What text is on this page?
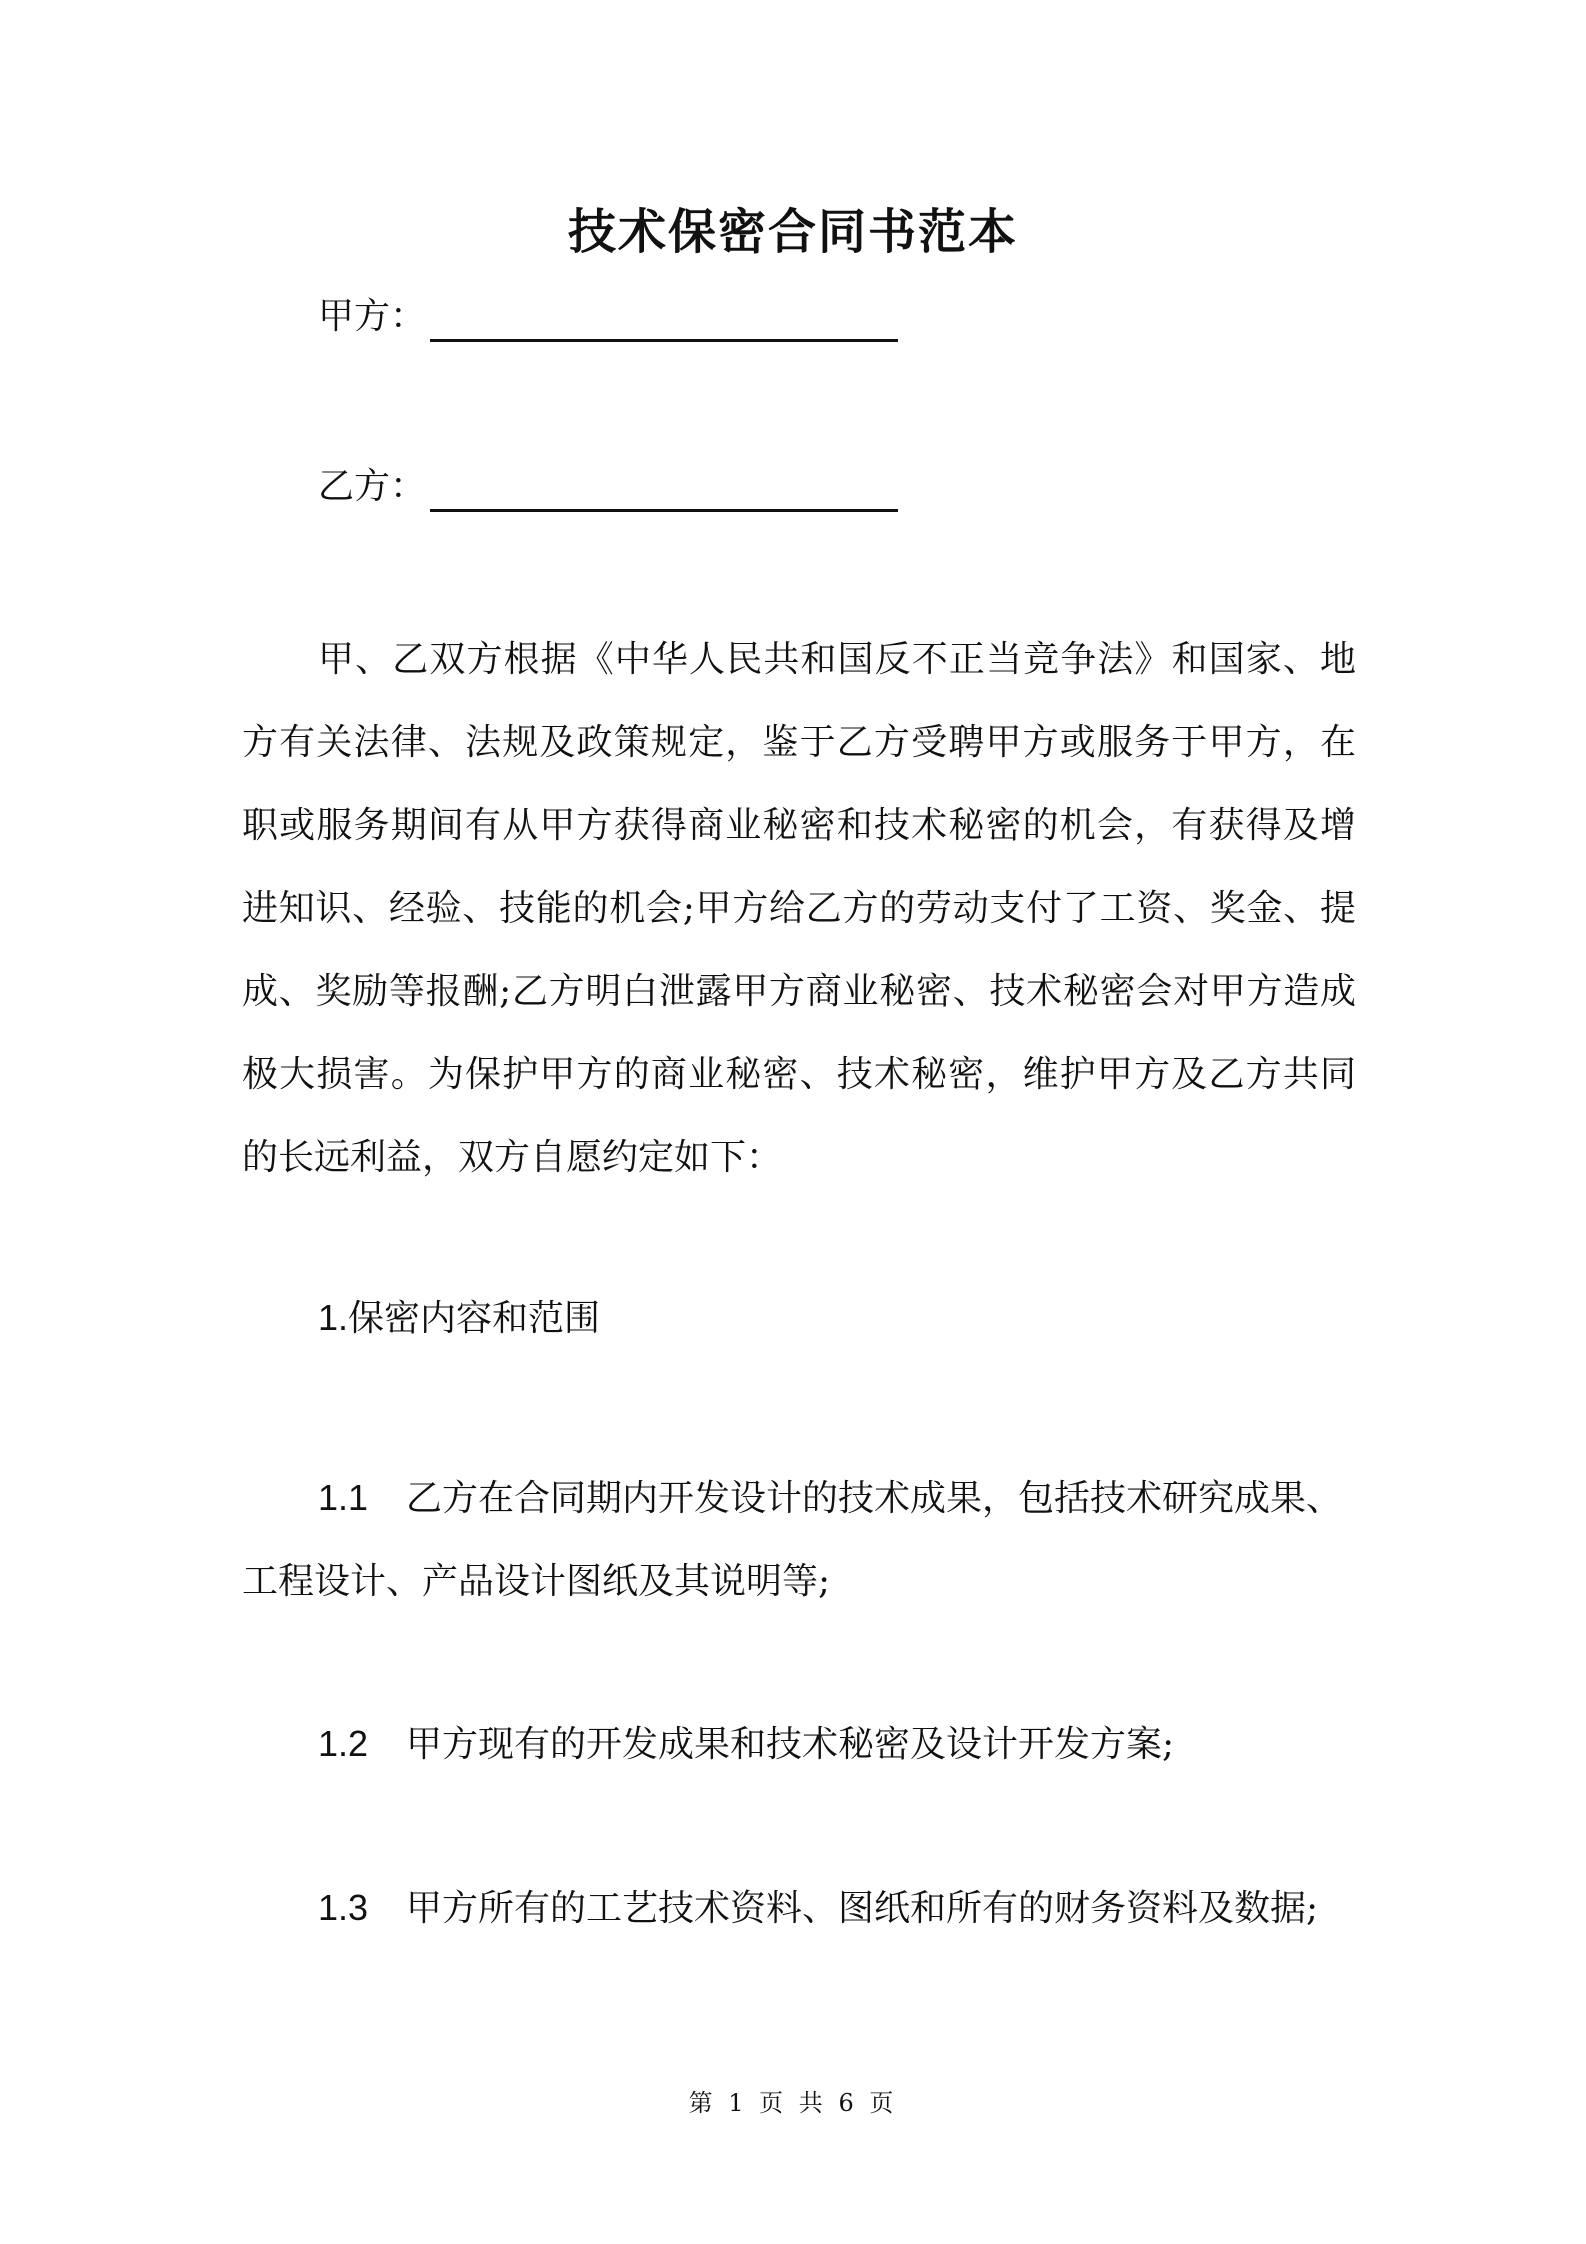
技术保密合同书范本
甲方：
乙方：
甲、乙双方根据《中华人民共和国反不正当竞争法》和国家、地方有关法律、法规及政策规定，鉴于乙方受聘甲方或服务于甲方，在职或服务期间有从甲方获得商业秘密和技术秘密的机会，有获得及增进知识、经验、技能的机会;甲方给乙方的劳动支付了工资、奖金、提成、奖励等报酬;乙方明白泄露甲方商业秘密、技术秘密会对甲方造成极大损害。为保护甲方的商业秘密、技术秘密，维护甲方及乙方共同的长远利益，双方自愿约定如下：
1.保密内容和范围
1.1 乙方在合同期内开发设计的技术成果，包括技术研究成果、工程设计、产品设计图纸及其说明等;
1.2 甲方现有的开发成果和技术秘密及设计开发方案;
1.3 甲方所有的工艺技术资料、图纸和所有的财务资料及数据;
第 1 页 共 6 页
